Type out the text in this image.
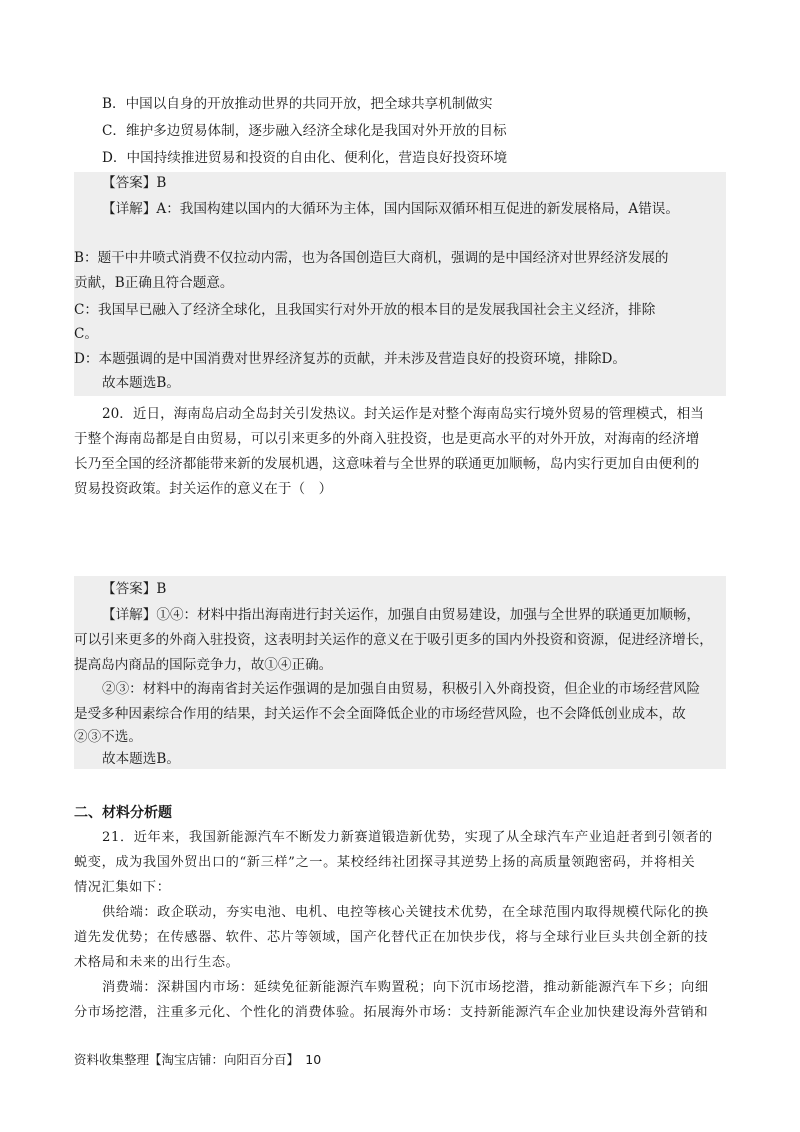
B．中国以自身的开放推动世界的共同开放，把全球共享机制做实
C．维护多边贸易体制，逐步融入经济全球化是我国对外开放的目标
D．中国持续推进贸易和投资的自由化、便利化，营造良好投资环境
【答案】B
【详解】A：我国构建以国内的大循环为主体，国内国际双循环相互促进的新发展格局，A错误。
B：题干中井喷式消费不仅拉动内需，也为各国创造巨大商机，强调的是中国经济对世界经济发展的
贡献，B正确且符合题意。
C：我国早已融入了经济全球化，且我国实行对外开放的根本目的是发展我国社会主义经济，排除
C。
D：本题强调的是中国消费对世界经济复苏的贡献，并未涉及营造良好的投资环境，排除D。
故本题选B。
20．近日，海南岛启动全岛封关引发热议。封关运作是对整个海南岛实行境外贸易的管理模式，相当
于整个海南岛都是自由贸易，可以引来更多的外商入驻投资，也是更高水平的对外开放，对海南的经济增
长乃至全国的经济都能带来新的发展机遇，这意味着与全世界的联通更加顺畅，岛内实行更加自由便利的
贸易投资政策。封关运作的意义在于（　）
【答案】B
【详解】①④：材料中指出海南进行封关运作，加强自由贸易建设，加强与全世界的联通更加顺畅，
可以引来更多的外商入驻投资，这表明封关运作的意义在于吸引更多的国内外投资和资源，促进经济增长，
提高岛内商品的国际竞争力，故①④正确。
②③：材料中的海南省封关运作强调的是加强自由贸易，积极引入外商投资，但企业的市场经营风险
是受多种因素综合作用的结果，封关运作不会全面降低企业的市场经营风险，也不会降低创业成本，故
②③不选。
故本题选B。
二、材料分析题
21．近年来，我国新能源汽车不断发力新赛道锻造新优势，实现了从全球汽车产业追赶者到引领者的
蜕变，成为我国外贸出口的“新三样”之一。某校经纬社团探寻其逆势上扬的高质量领跑密码，并将相关
情况汇集如下：
供给端：政企联动，夯实电池、电机、电控等核心关键技术优势，在全球范围内取得规模代际化的换
道先发优势；在传感器、软件、芯片等领域，国产化替代正在加快步伐，将与全球行业巨头共创全新的技
术格局和未来的出行生态。
消费端：深耕国内市场：延续免征新能源汽车购置税；向下沉市场挖潜，推动新能源汽车下乡；向细
分市场挖潜，注重多元化、个性化的消费体验。拓展海外市场：支持新能源汽车企业加快建设海外营销和
资料收集整理【淘宝店铺：向阳百分百】　10
